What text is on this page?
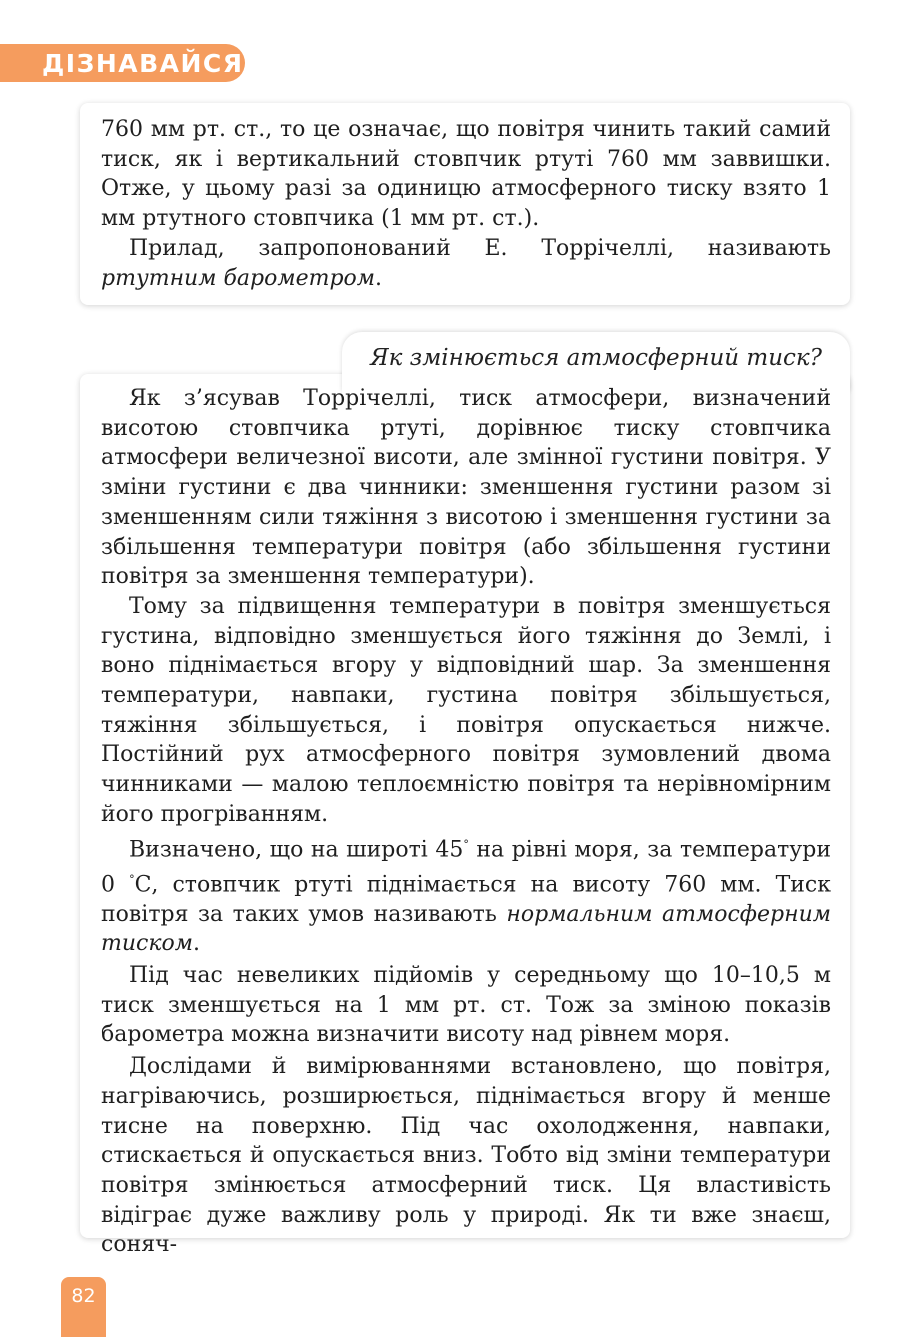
ДІЗНАВАЙСЯ

760 мм рт. ст., то це означає, що повітря чинить такий самий тиск, як і вертикальний стовпчик ртуті 760 мм заввишки. Отже, у цьому разі за одиницю атмосферного тиску взято 1 мм ртутного стовпчика (1 мм рт. ст.).

Прилад, запропонований Е. Торрічеллі, називають ртутним барометром.

Як змінюється атмосферний тиск?

Як з’ясував Торрічеллі, тиск атмосфери, визначений висотою стовпчика ртуті, дорівнює тиску стовпчика атмосфери величезної висоти, але змінної густини повітря. У зміни густини є два чинники: зменшення густини разом зі зменшенням сили тяжіння з висотою і зменшення густини за збільшення температури повітря (або збільшення густини повітря за зменшення температури).

Тому за підвищення температури в повітря зменшується густина, відповідно зменшується його тяжіння до Землі, і воно піднімається вгору у відповідний шар. За зменшення температури, навпаки, густина повітря збільшується, тяжіння збільшується, і повітря опускається нижче. Постійний рух атмосферного повітря зумовлений двома чинниками — малою теплоємністю повітря та нерівномірним його прогріванням.

Визначено, що на широті 45° на рівні моря, за температури 0 °С, стовпчик ртуті піднімається на висоту 760 мм. Тиск повітря за таких умов називають нормальним атмосферним тиском.

Під час невеликих підйомів у середньому що 10–10,5 м тиск зменшується на 1 мм рт. ст. Тож за зміною показів барометра можна визначити висоту над рівнем моря.

Дослідами й вимірюваннями встановлено, що повітря, нагріваючись, розширюється, піднімається вгору й менше тисне на поверхню. Під час охолодження, навпаки, стискається й опускається вниз. Тобто від зміни температури повітря змінюється атмосферний тиск. Ця властивість відіграє дуже важливу роль у природі. Як ти вже знаєш, соняч-

82
